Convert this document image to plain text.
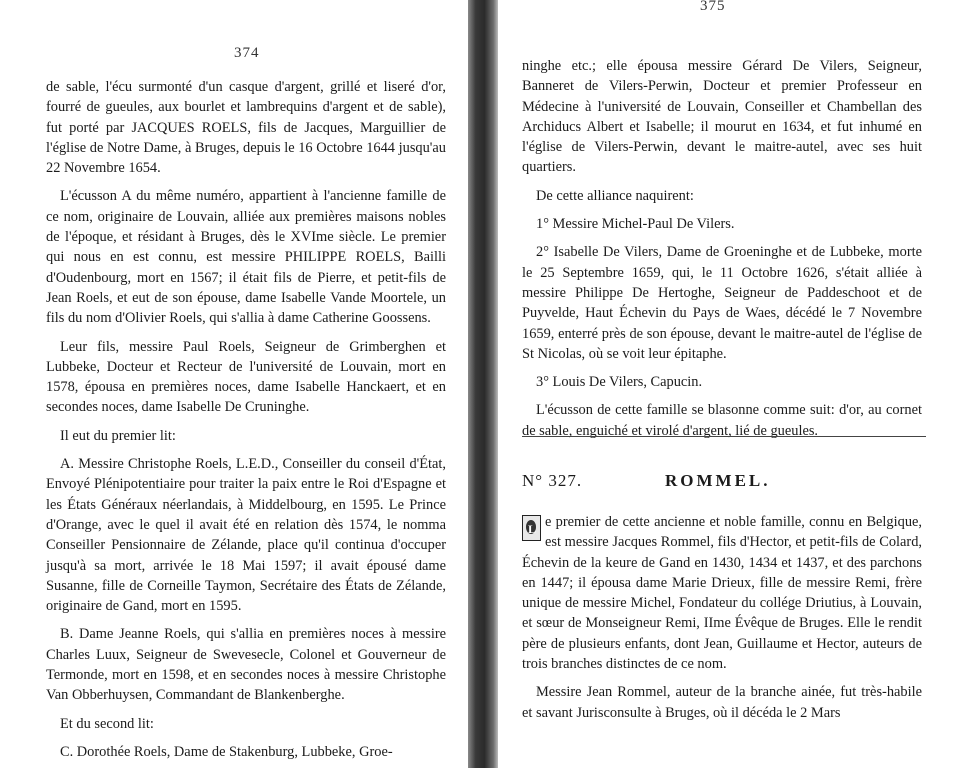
374

de sable, l'écu surmonté d'un casque d'argent, grillé et liseré d'or, fourré de gueules, aux bourlet et lambrequins d'argent et de sable), fut porté par JACQUES ROELS, fils de Jacques, Marguillier de l'église de Notre Dame, à Bruges, depuis le 16 Octobre 1644 jusqu'au 22 Novembre 1654.

L'écusson A du même numéro, appartient à l'ancienne famille de ce nom, originaire de Louvain, alliée aux premières maisons nobles de l'époque, et résidant à Bruges, dès le XVIme siècle. Le premier qui nous en est connu, est messire PHILIPPE ROELS, Bailli d'Oudenbourg, mort en 1567; il était fils de Pierre, et petit-fils de Jean Roels, et eut de son épouse, dame Isabelle Vande Moortele, un fils du nom d'Olivier Roels, qui s'allia à dame Catherine Goossens.

Leur fils, messire Paul Roels, Seigneur de Grimberghen et Lubbeke, Docteur et Recteur de l'université de Louvain, mort en 1578, épousa en premières noces, dame Isabelle Hanckaert, et en secondes noces, dame Isabelle De Cruninghe.

Il eut du premier lit:

A. Messire Christophe Roels, L.E.D., Conseiller du conseil d'État, Envoyé Plénipotentiaire pour traiter la paix entre le Roi d'Espagne et les États Généraux néerlandais, à Middelbourg, en 1595. Le Prince d'Orange, avec le quel il avait été en relation dès 1574, le nomma Conseiller Pensionnaire de Zélande, place qu'il continua d'occuper jusqu'à sa mort, arrivée le 18 Mai 1597; il avait épousé dame Susanne, fille de Corneille Taymon, Secrétaire des États de Zélande, originaire de Gand, mort en 1595.

B. Dame Jeanne Roels, qui s'allia en premières noces à messire Charles Luux, Seigneur de Swevesecle, Colonel et Gouverneur de Termonde, mort en 1598, et en secondes noces à messire Christophe Van Obberhuysen, Commandant de Blankenberghe.

Et du second lit:

C. Dorothée Roels, Dame de Stakenburg, Lubbeke, Groe-

375

ninghe etc.; elle épousa messire Gérard De Vilers, Seigneur, Banneret de Vilers-Perwin, Docteur et premier Professeur en Médecine à l'université de Louvain, Conseiller et Chambellan des Archiducs Albert et Isabelle; il mourut en 1634, et fut inhumé en l'église de Vilers-Perwin, devant le maitre-autel, avec ses huit quartiers.

De cette alliance naquirent:

1° Messire Michel-Paul De Vilers.

2° Isabelle De Vilers, Dame de Groeninghe et de Lubbeke, morte le 25 Septembre 1659, qui, le 11 Octobre 1626, s'était alliée à messire Philippe De Hertoghe, Seigneur de Paddeschoot et de Puyvelde, Haut Échevin du Pays de Waes, décédé le 7 Novembre 1659, enterré près de son épouse, devant le maitre-autel de l'église de St Nicolas, où se voit leur épitaphe.

3° Louis De Vilers, Capucin.

L'écusson de cette famille se blasonne comme suit: d'or, au cornet de sable, enguiché et virolé d'argent, lié de gueules.

N° 327.	ROMMEL.

L e premier de cette ancienne et noble famille, connu en Belgique, est messire Jacques Rommel, fils d'Hector, et petit-fils de Colard, Échevin de la keure de Gand en 1430, 1434 et 1437, et des parchons en 1447; il épousa dame Marie Drieux, fille de messire Remi, frère unique de messire Michel, Fondateur du collége Driutius, à Louvain, et sœur de Monseigneur Remi, IIme Évêque de Bruges. Elle le rendit père de plusieurs enfants, dont Jean, Guillaume et Hector, auteurs de trois branches distinctes de ce nom.

Messire Jean Rommel, auteur de la branche ainée, fut très-habile et savant Jurisconsulte à Bruges, où il décéda le 2 Mars
